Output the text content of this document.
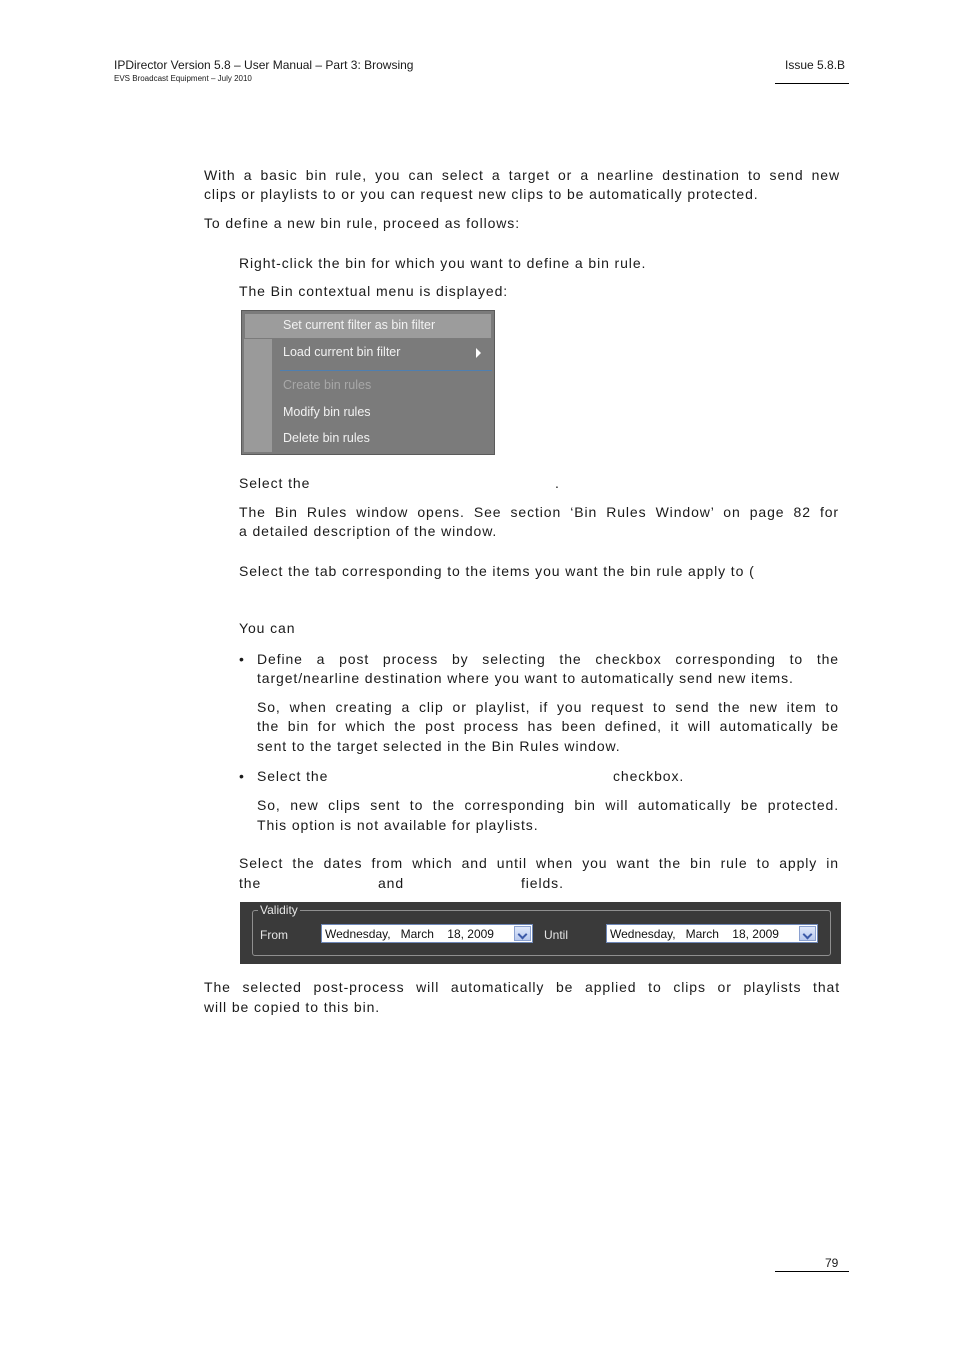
IPDirector Version 5.8 – User Manual – Part 3: Browsing
EVS Broadcast Equipment – July 2010
Issue 5.8.B
With a basic bin rule, you can select a target or a nearline destination to send new
clips or playlists to or you can request new clips to be automatically protected.
To define a new bin rule, proceed as follows:
Right-click the bin for which you want to define a bin rule.
The Bin contextual menu is displayed:
Set current filter as bin filter
Load current bin filter
Create bin rules
Modify bin rules
Delete bin rules
Select the	.
The Bin Rules window opens. See section ‘Bin Rules Window’ on page 82 for
a detailed description of the window.
Select the tab corresponding to the items you want the bin rule apply to (
You can
• Define a post process by selecting the checkbox corresponding to the
target/nearline destination where you want to automatically send new items.
So, when creating a clip or playlist, if you request to send the new item to
the bin for which the post process has been defined, it will automatically be
sent to the target selected in the Bin Rules window.
• Select the	checkbox.
So, new clips sent to the corresponding bin will automatically be protected.
This option is not available for playlists.
Select the dates from which and until when you want the bin rule to apply in
the	and	fields.
Validity
From	Wednesday,   March    18, 2009	Until	Wednesday,   March    18, 2009
The selected post-process will automatically be applied to clips or playlists that
will be copied to this bin.
79
